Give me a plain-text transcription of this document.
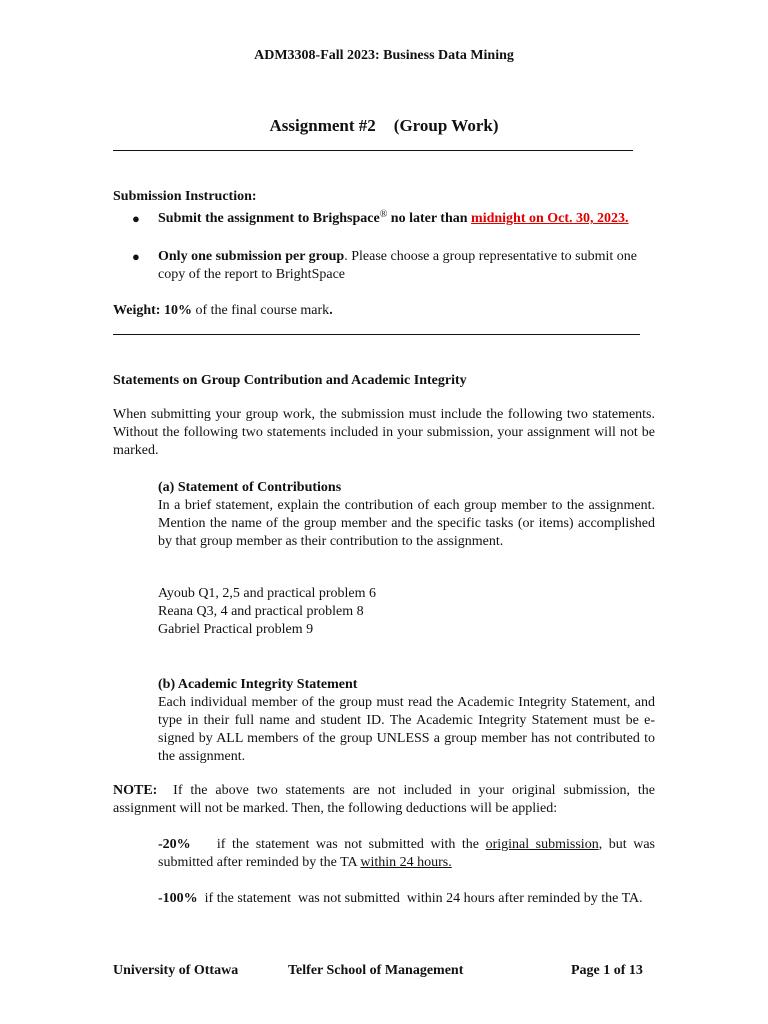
ADM3308-Fall 2023: Business Data Mining
Assignment #2 (Group Work)
Submission Instruction:
● Submit the assignment to Brighspace® no later than midnight on Oct. 30, 2023.
● Only one submission per group. Please choose a group representative to submit one copy of the report to BrightSpace
Weight: 10% of the final course mark.
Statements on Group Contribution and Academic Integrity
When submitting your group work, the submission must include the following two statements. Without the following two statements included in your submission, your assignment will not be marked.
(a) Statement of Contributions
In a brief statement, explain the contribution of each group member to the assignment. Mention the name of the group member and the specific tasks (or items) accomplished by that group member as their contribution to the assignment.
Ayoub Q1, 2,5 and practical problem 6
Reana Q3, 4 and practical problem 8
Gabriel Practical problem 9
(b) Academic Integrity Statement
Each individual member of the group must read the Academic Integrity Statement, and type in their full name and student ID. The Academic Integrity Statement must be e-signed by ALL members of the group UNLESS a group member has not contributed to the assignment.
NOTE:  If the above two statements are not included in your original submission, the assignment will not be marked. Then, the following deductions will be applied:
-20%    if the statement was not submitted with the original submission, but was submitted after reminded by the TA within 24 hours.
-100%  if the statement  was not submitted  within 24 hours after reminded by the TA.
University of Ottawa	Telfer School of Management	Page 1 of 13
